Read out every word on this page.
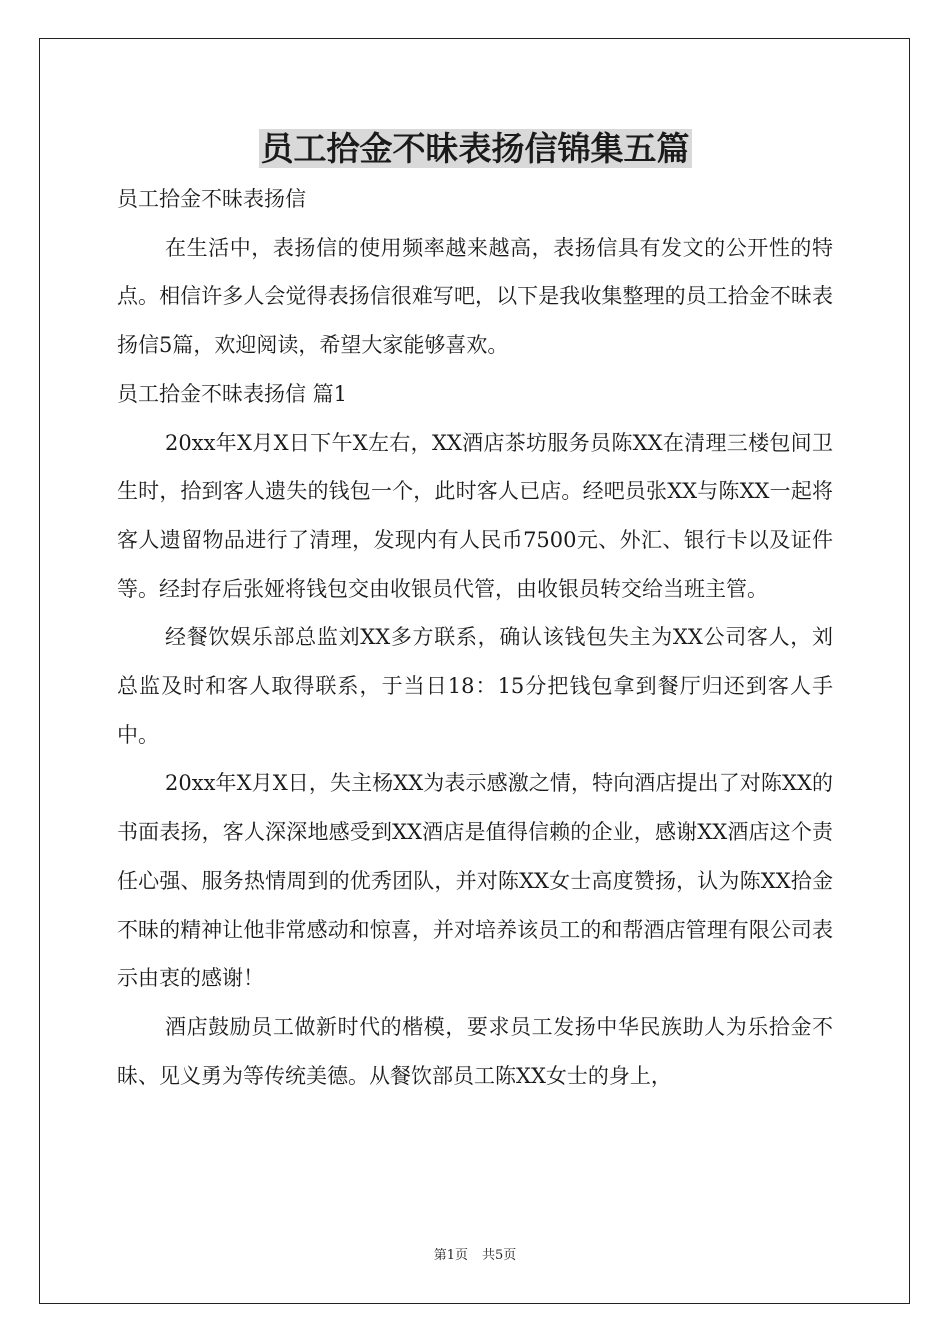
员工拾金不昧表扬信锦集五篇

员工拾金不昧表扬信

在生活中，表扬信的使用频率越来越高，表扬信具有发文的公开性的特点。相信许多人会觉得表扬信很难写吧，以下是我收集整理的员工拾金不昧表扬信5篇，欢迎阅读，希望大家能够喜欢。

员工拾金不昧表扬信 篇1

20xx年X月X日下午X左右，XX酒店茶坊服务员陈XX在清理三楼包间卫生时，拾到客人遗失的钱包一个，此时客人已店。经吧员张XX与陈XX一起将客人遗留物品进行了清理，发现内有人民币7500元、外汇、银行卡以及证件等。经封存后张娅将钱包交由收银员代管，由收银员转交给当班主管。

经餐饮娱乐部总监刘XX多方联系，确认该钱包失主为XX公司客人，刘总监及时和客人取得联系，于当日18：15分把钱包拿到餐厅归还到客人手中。

20xx年X月X日，失主杨XX为表示感激之情，特向酒店提出了对陈XX的书面表扬，客人深深地感受到XX酒店是值得信赖的企业，感谢XX酒店这个责任心强、服务热情周到的优秀团队，并对陈XX女士高度赞扬，认为陈XX拾金不昧的精神让他非常感动和惊喜，并对培养该员工的和帮酒店管理有限公司表示由衷的感谢！

酒店鼓励员工做新时代的楷模，要求员工发扬中华民族助人为乐拾金不昧、见义勇为等传统美德。从餐饮部员工陈XX女士的身上，

第1页 共5页
